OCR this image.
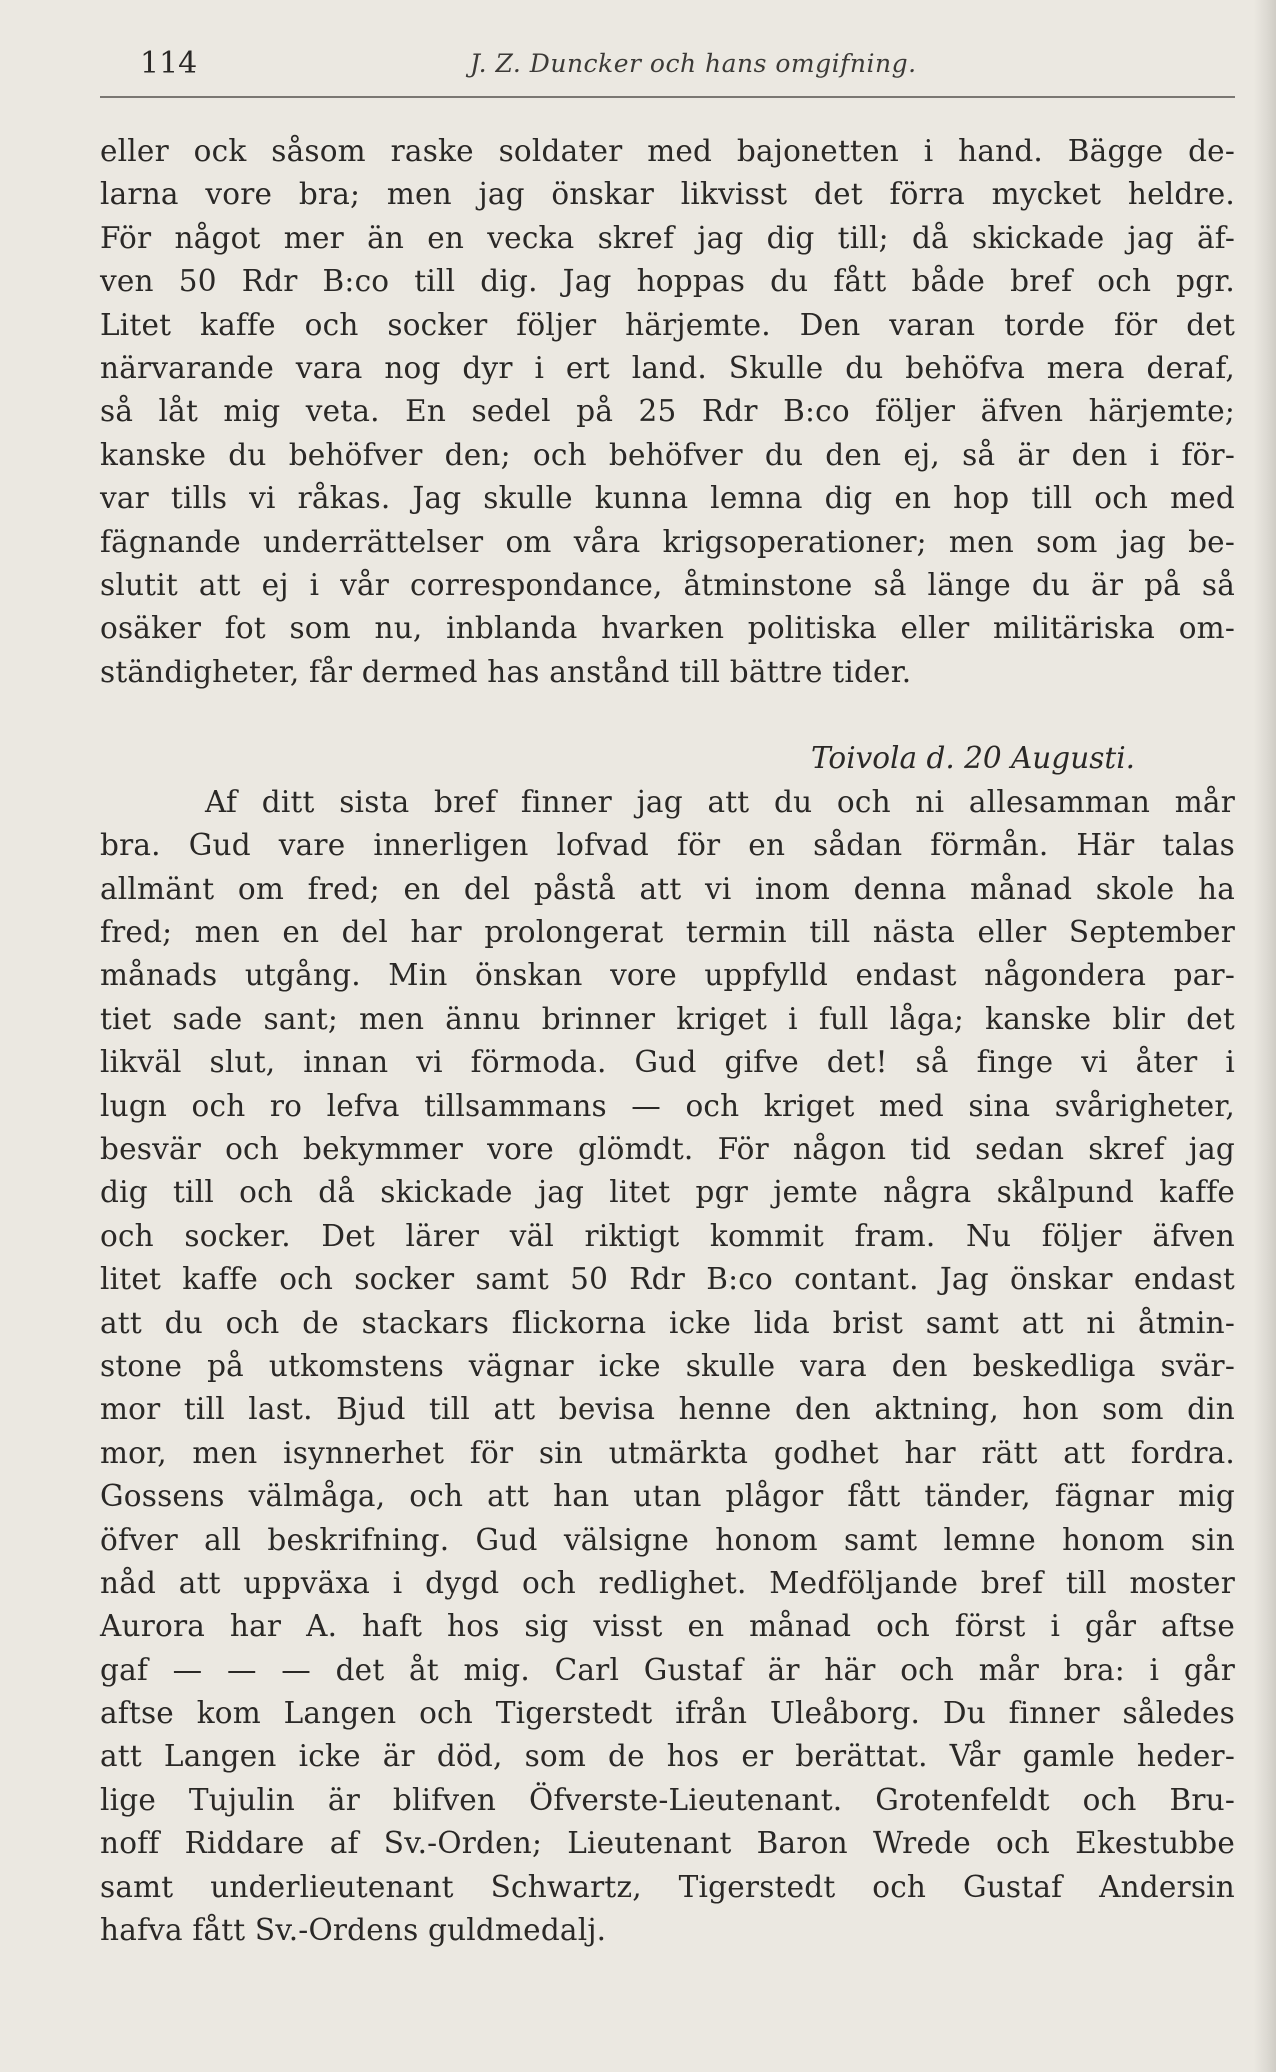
114	J. Z. Duncker och hans omgifning.
eller ock såsom raske soldater med bajonetten i hand. Bägge de-
larna vore bra; men jag önskar likvisst det förra mycket heldre.
För något mer än en vecka skref jag dig till; då skickade jag äf-
ven 50 Rdr B:co till dig. Jag hoppas du fått både bref och pgr.
Litet kaffe och socker följer härjemte. Den varan torde för det
närvarande vara nog dyr i ert land. Skulle du behöfva mera deraf,
så låt mig veta. En sedel på 25 Rdr B:co följer äfven härjemte;
kanske du behöfver den; och behöfver du den ej, så är den i för-
var tills vi råkas. Jag skulle kunna lemna dig en hop till och med
fägnande underrättelser om våra krigsoperationer; men som jag be-
slutit att ej i vår correspondance, åtminstone så länge du är på så
osäker fot som nu, inblanda hvarken politiska eller militäriska om-
ständigheter, får dermed has anstånd till bättre tider.
Toivola d. 20 Augusti.
Af ditt sista bref finner jag att du och ni allesamman mår
bra. Gud vare innerligen lofvad för en sådan förmån. Här talas
allmänt om fred; en del påstå att vi inom denna månad skole ha
fred; men en del har prolongerat termin till nästa eller September
månads utgång. Min önskan vore uppfylld endast någondera par-
tiet sade sant; men ännu brinner kriget i full låga; kanske blir det
likväl slut, innan vi förmoda. Gud gifve det! så finge vi åter i
lugn och ro lefva tillsammans — och kriget med sina svårigheter,
besvär och bekymmer vore glömdt. För någon tid sedan skref jag
dig till och då skickade jag litet pgr jemte några skålpund kaffe
och socker. Det lärer väl riktigt kommit fram. Nu följer äfven
litet kaffe och socker samt 50 Rdr B:co contant. Jag önskar endast
att du och de stackars flickorna icke lida brist samt att ni åtmin-
stone på utkomstens vägnar icke skulle vara den beskedliga svär-
mor till last. Bjud till att bevisa henne den aktning, hon som din
mor, men isynnerhet för sin utmärkta godhet har rätt att fordra.
Gossens välmåga, och att han utan plågor fått tänder, fägnar mig
öfver all beskrifning. Gud välsigne honom samt lemne honom sin
nåd att uppväxa i dygd och redlighet. Medföljande bref till moster
Aurora har A. haft hos sig visst en månad och först i går aftse
gaf — — — det åt mig. Carl Gustaf är här och mår bra: i går
aftse kom Langen och Tigerstedt ifrån Uleåborg. Du finner således
att Langen icke är död, som de hos er berättat. Vår gamle heder-
lige Tujulin är blifven Öfverste-Lieutenant. Grotenfeldt och Bru-
noff Riddare af Sv.-Orden; Lieutenant Baron Wrede och Ekestubbe
samt underlieutenant Schwartz, Tigerstedt och Gustaf Andersin
hafva fått Sv.-Ordens guldmedalj.
